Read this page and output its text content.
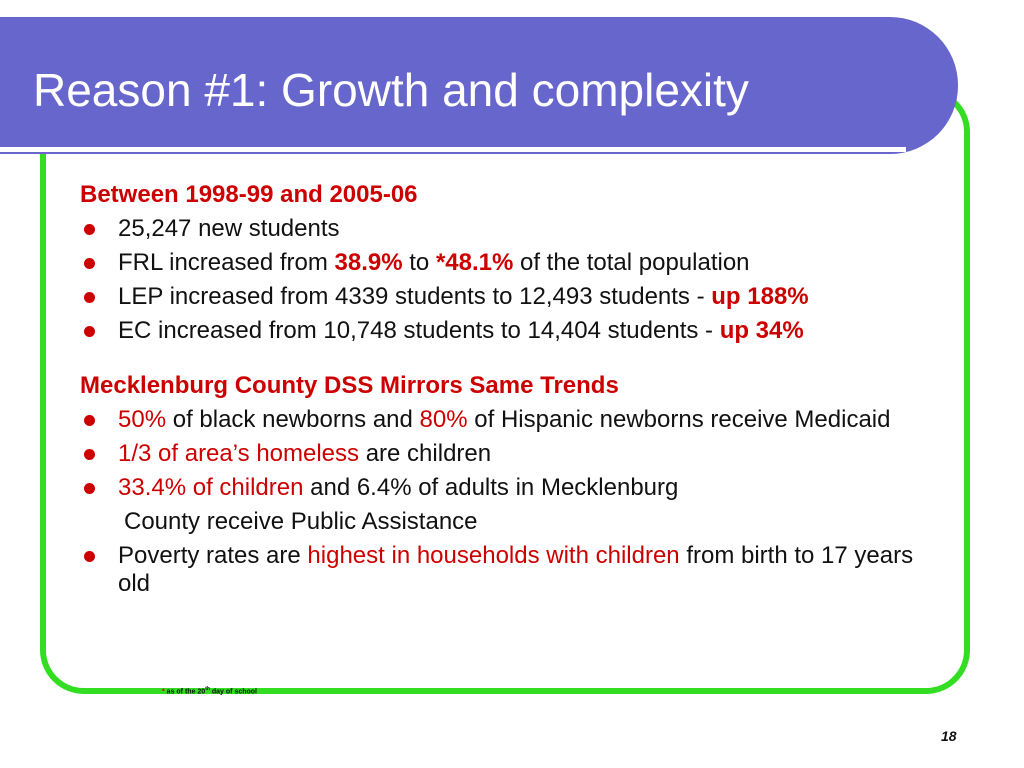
Reason #1: Growth and complexity
Between 1998-99 and 2005-06
25,247 new students
FRL increased from 38.9% to *48.1% of the total population
LEP increased from 4339 students to 12,493 students - up 188%
EC increased from 10,748 students to 14,404 students - up 34%
Mecklenburg County DSS Mirrors Same Trends
50% of black newborns and 80% of Hispanic newborns receive Medicaid
1/3 of area’s homeless are children
33.4% of children and 6.4% of adults in Mecklenburg
County receive Public Assistance
Poverty rates are highest in households with children from birth to 17 years old
* as of the 20th day of school
18
